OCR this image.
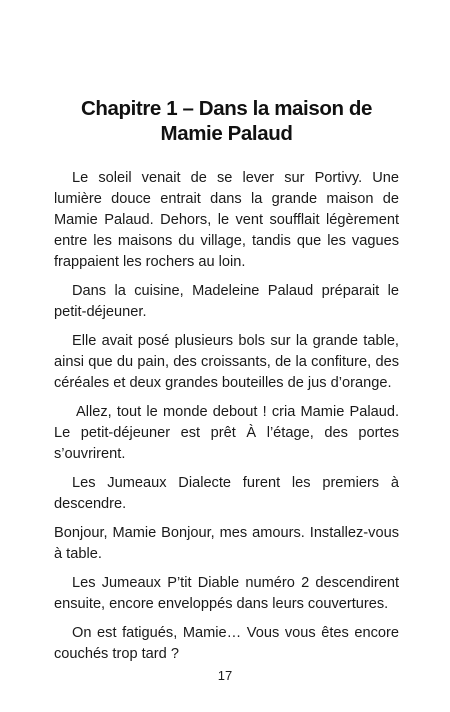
Chapitre 1 – Dans la maison de Mamie Palaud

Le soleil venait de se lever sur Portivy. Une lumière douce entrait dans la grande maison de Mamie Palaud. Dehors, le vent soufflait légèrement entre les maisons du village, tandis que les vagues frappaient les rochers au loin.

Dans la cuisine, Madeleine Palaud préparait le petit-déjeuner.

Elle avait posé plusieurs bols sur la grande table, ainsi que du pain, des croissants, de la confiture, des céréales et deux grandes bouteilles de jus d’orange.

Allez, tout le monde debout ! cria Mamie Palaud. Le petit-déjeuner est prêt À l’étage, des portes s’ouvrirent.

Les Jumeaux Dialecte furent les premiers à descendre.

Bonjour, Mamie Bonjour, mes amours. Installez-vous à table.

Les Jumeaux P’tit Diable numéro 2 descendirent ensuite, encore enveloppés dans leurs couvertures.

On est fatigués, Mamie… Vous vous êtes encore couchés trop tard ?

17
